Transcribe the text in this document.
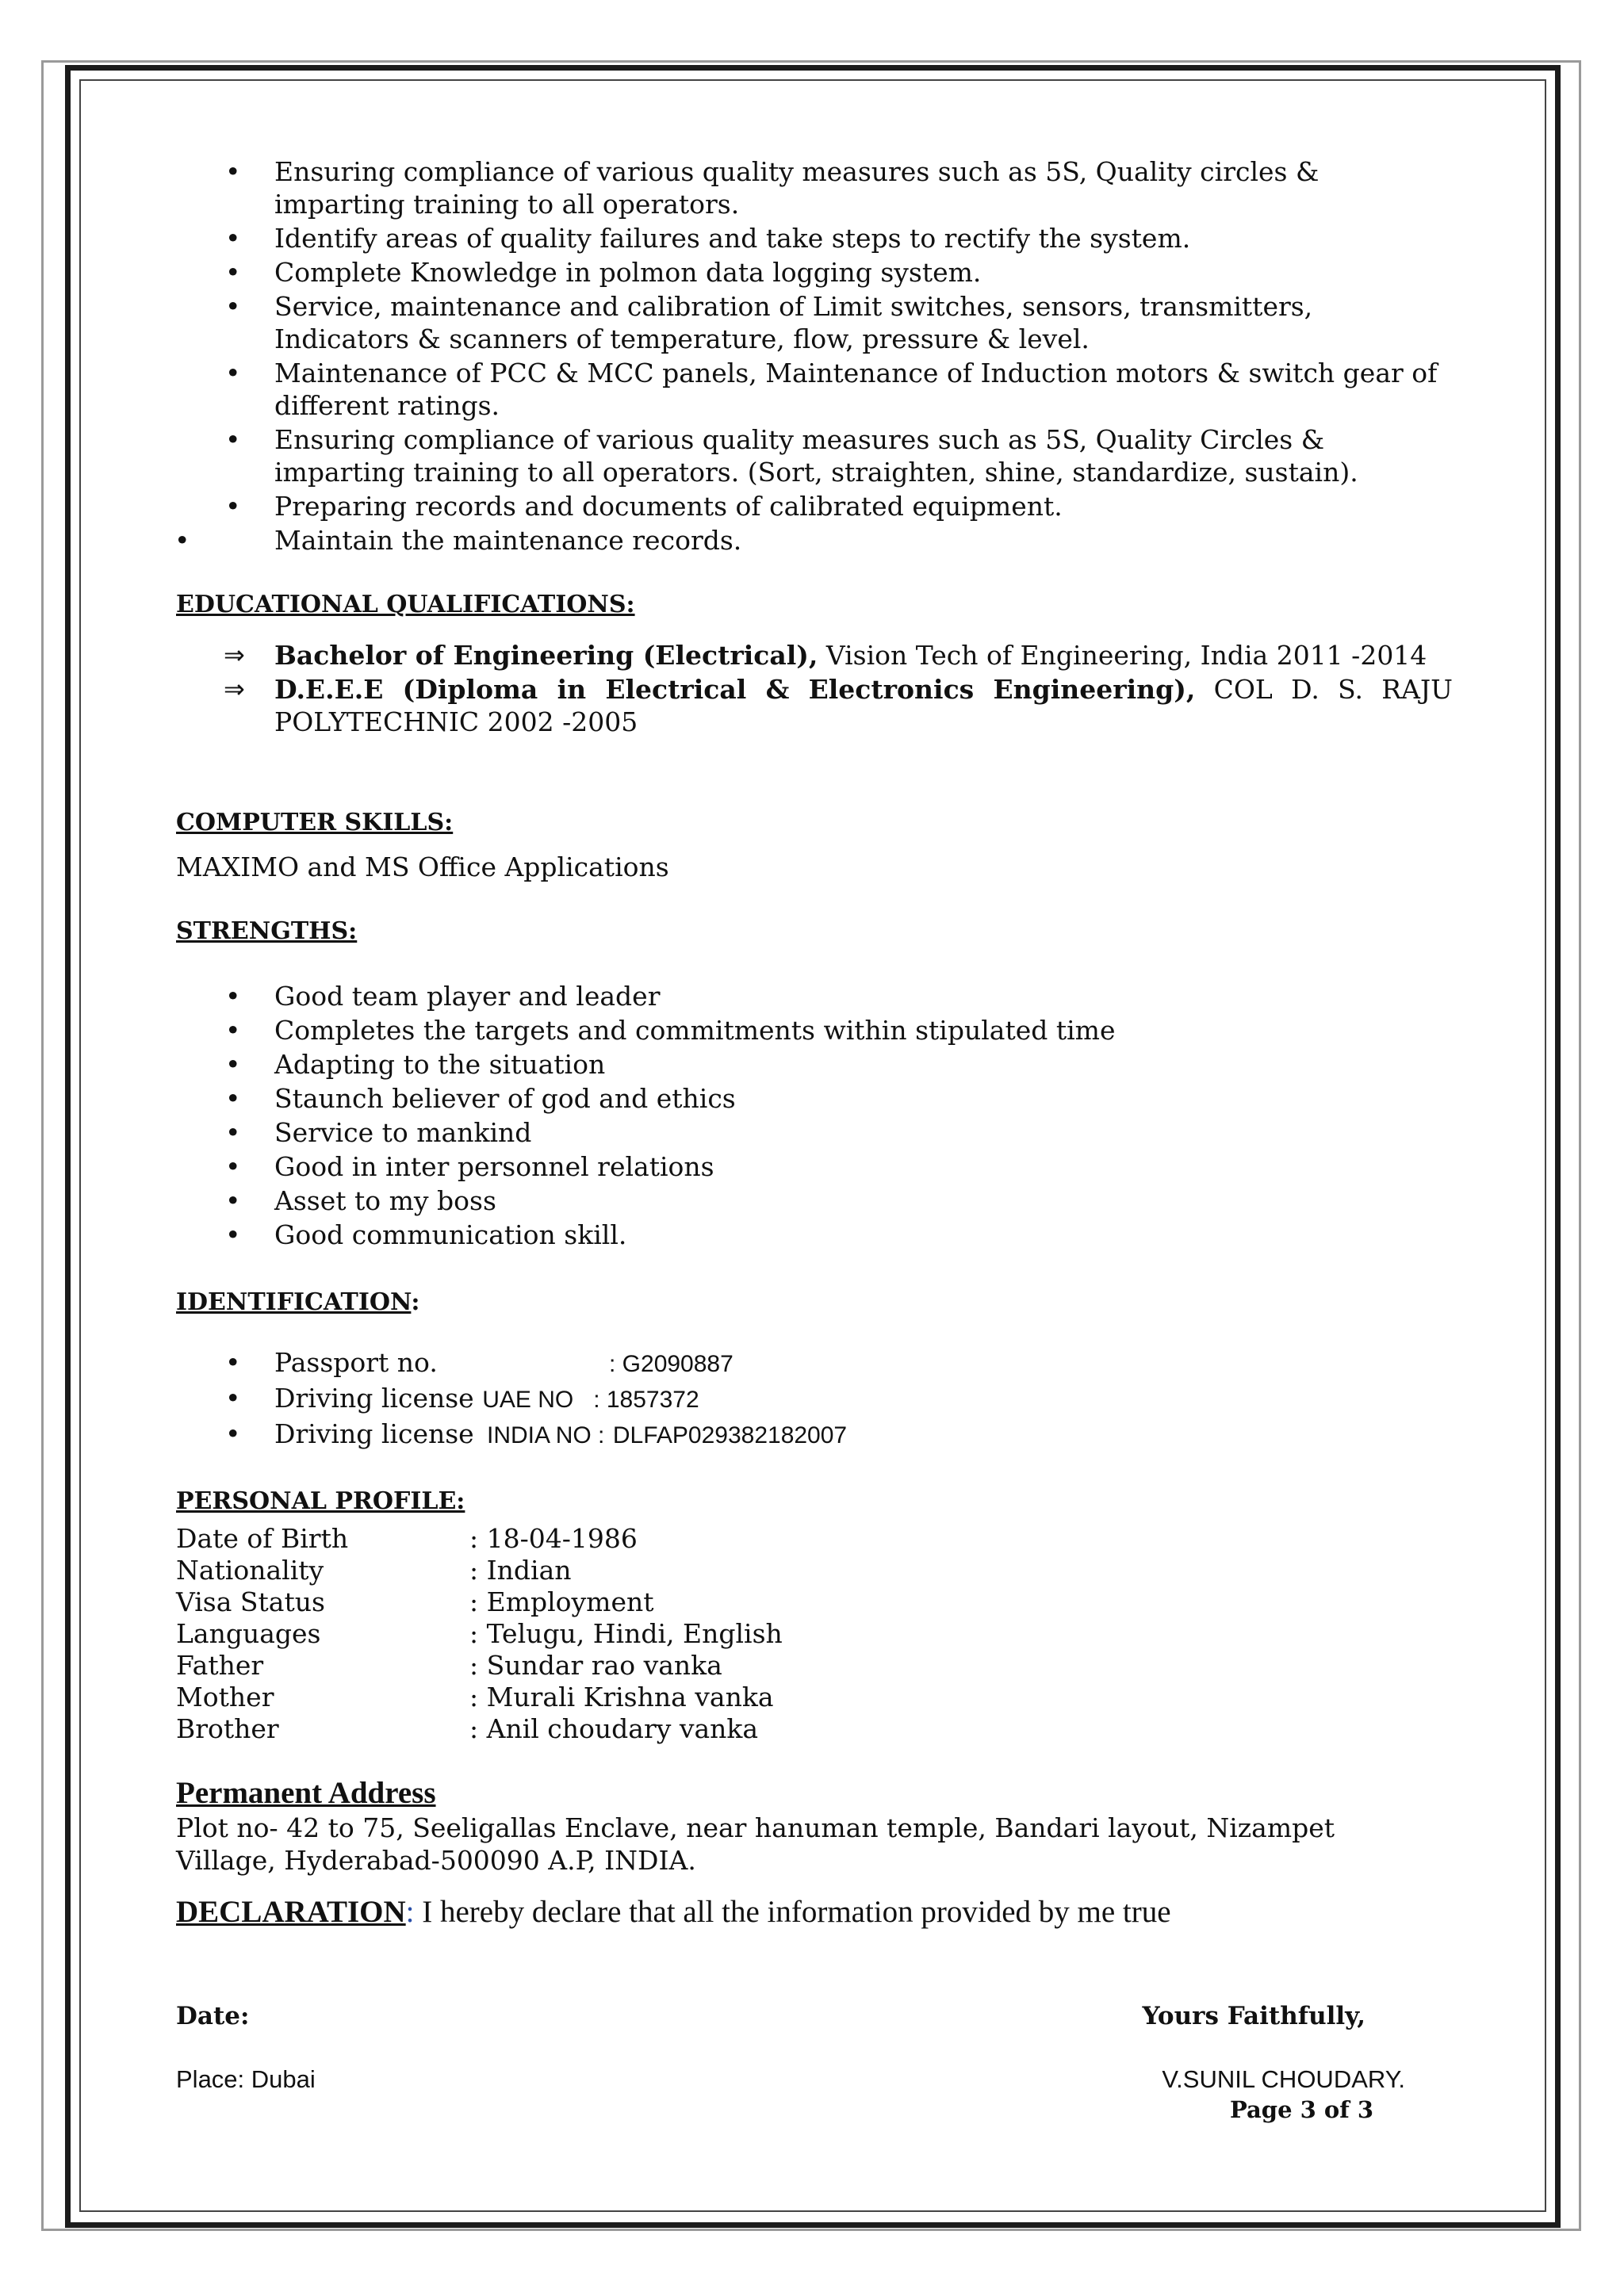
• Ensuring compliance of various quality measures such as 5S, Quality circles &
imparting training to all operators.
• Identify areas of quality failures and take steps to rectify the system.
• Complete Knowledge in polmon data logging system.
• Service, maintenance and calibration of Limit switches, sensors, transmitters,
Indicators & scanners of temperature, flow, pressure & level.
• Maintenance of PCC & MCC panels, Maintenance of Induction motors & switch gear of
different ratings.
• Ensuring compliance of various quality measures such as 5S, Quality Circles &
imparting training to all operators. (Sort, straighten, shine, standardize, sustain).
• Preparing records and documents of calibrated equipment.
•	Maintain the maintenance records.
EDUCATIONAL QUALIFICATIONS:
⇒ Bachelor of Engineering (Electrical), Vision Tech of Engineering, India 2011 -2014
⇒ D.E.E.E (Diploma in Electrical & Electronics Engineering), COL D. S. RAJU POLYTECHNIC 2002 -2005
COMPUTER SKILLS:
MAXIMO and MS Office Applications
STRENGTHS:
• Good team player and leader
• Completes the targets and commitments within stipulated time
• Adapting to the situation
• Staunch believer of god and ethics
• Service to mankind
• Good in inter personnel relations
• Asset to my boss
• Good communication skill.
IDENTIFICATION:
• Passport no.	: G2090887
• Driving license UAE NO : 1857372
• Driving license INDIA NO : DLFAP029382182007
PERSONAL PROFILE:
Date of Birth	: 18-04-1986
Nationality	: Indian
Visa Status	: Employment
Languages	: Telugu, Hindi, English
Father	: Sundar rao vanka
Mother	: Murali Krishna vanka
Brother	: Anil choudary vanka
Permanent Address
Plot no- 42 to 75, Seeligallas Enclave, near hanuman temple, Bandari layout, Nizampet
Village, Hyderabad-500090 A.P, INDIA.
DECLARATION: I hereby declare that all the information provided by me true
Date:	Yours Faithfully,
Place: Dubai	V.SUNIL CHOUDARY.
Page 3 of 3
